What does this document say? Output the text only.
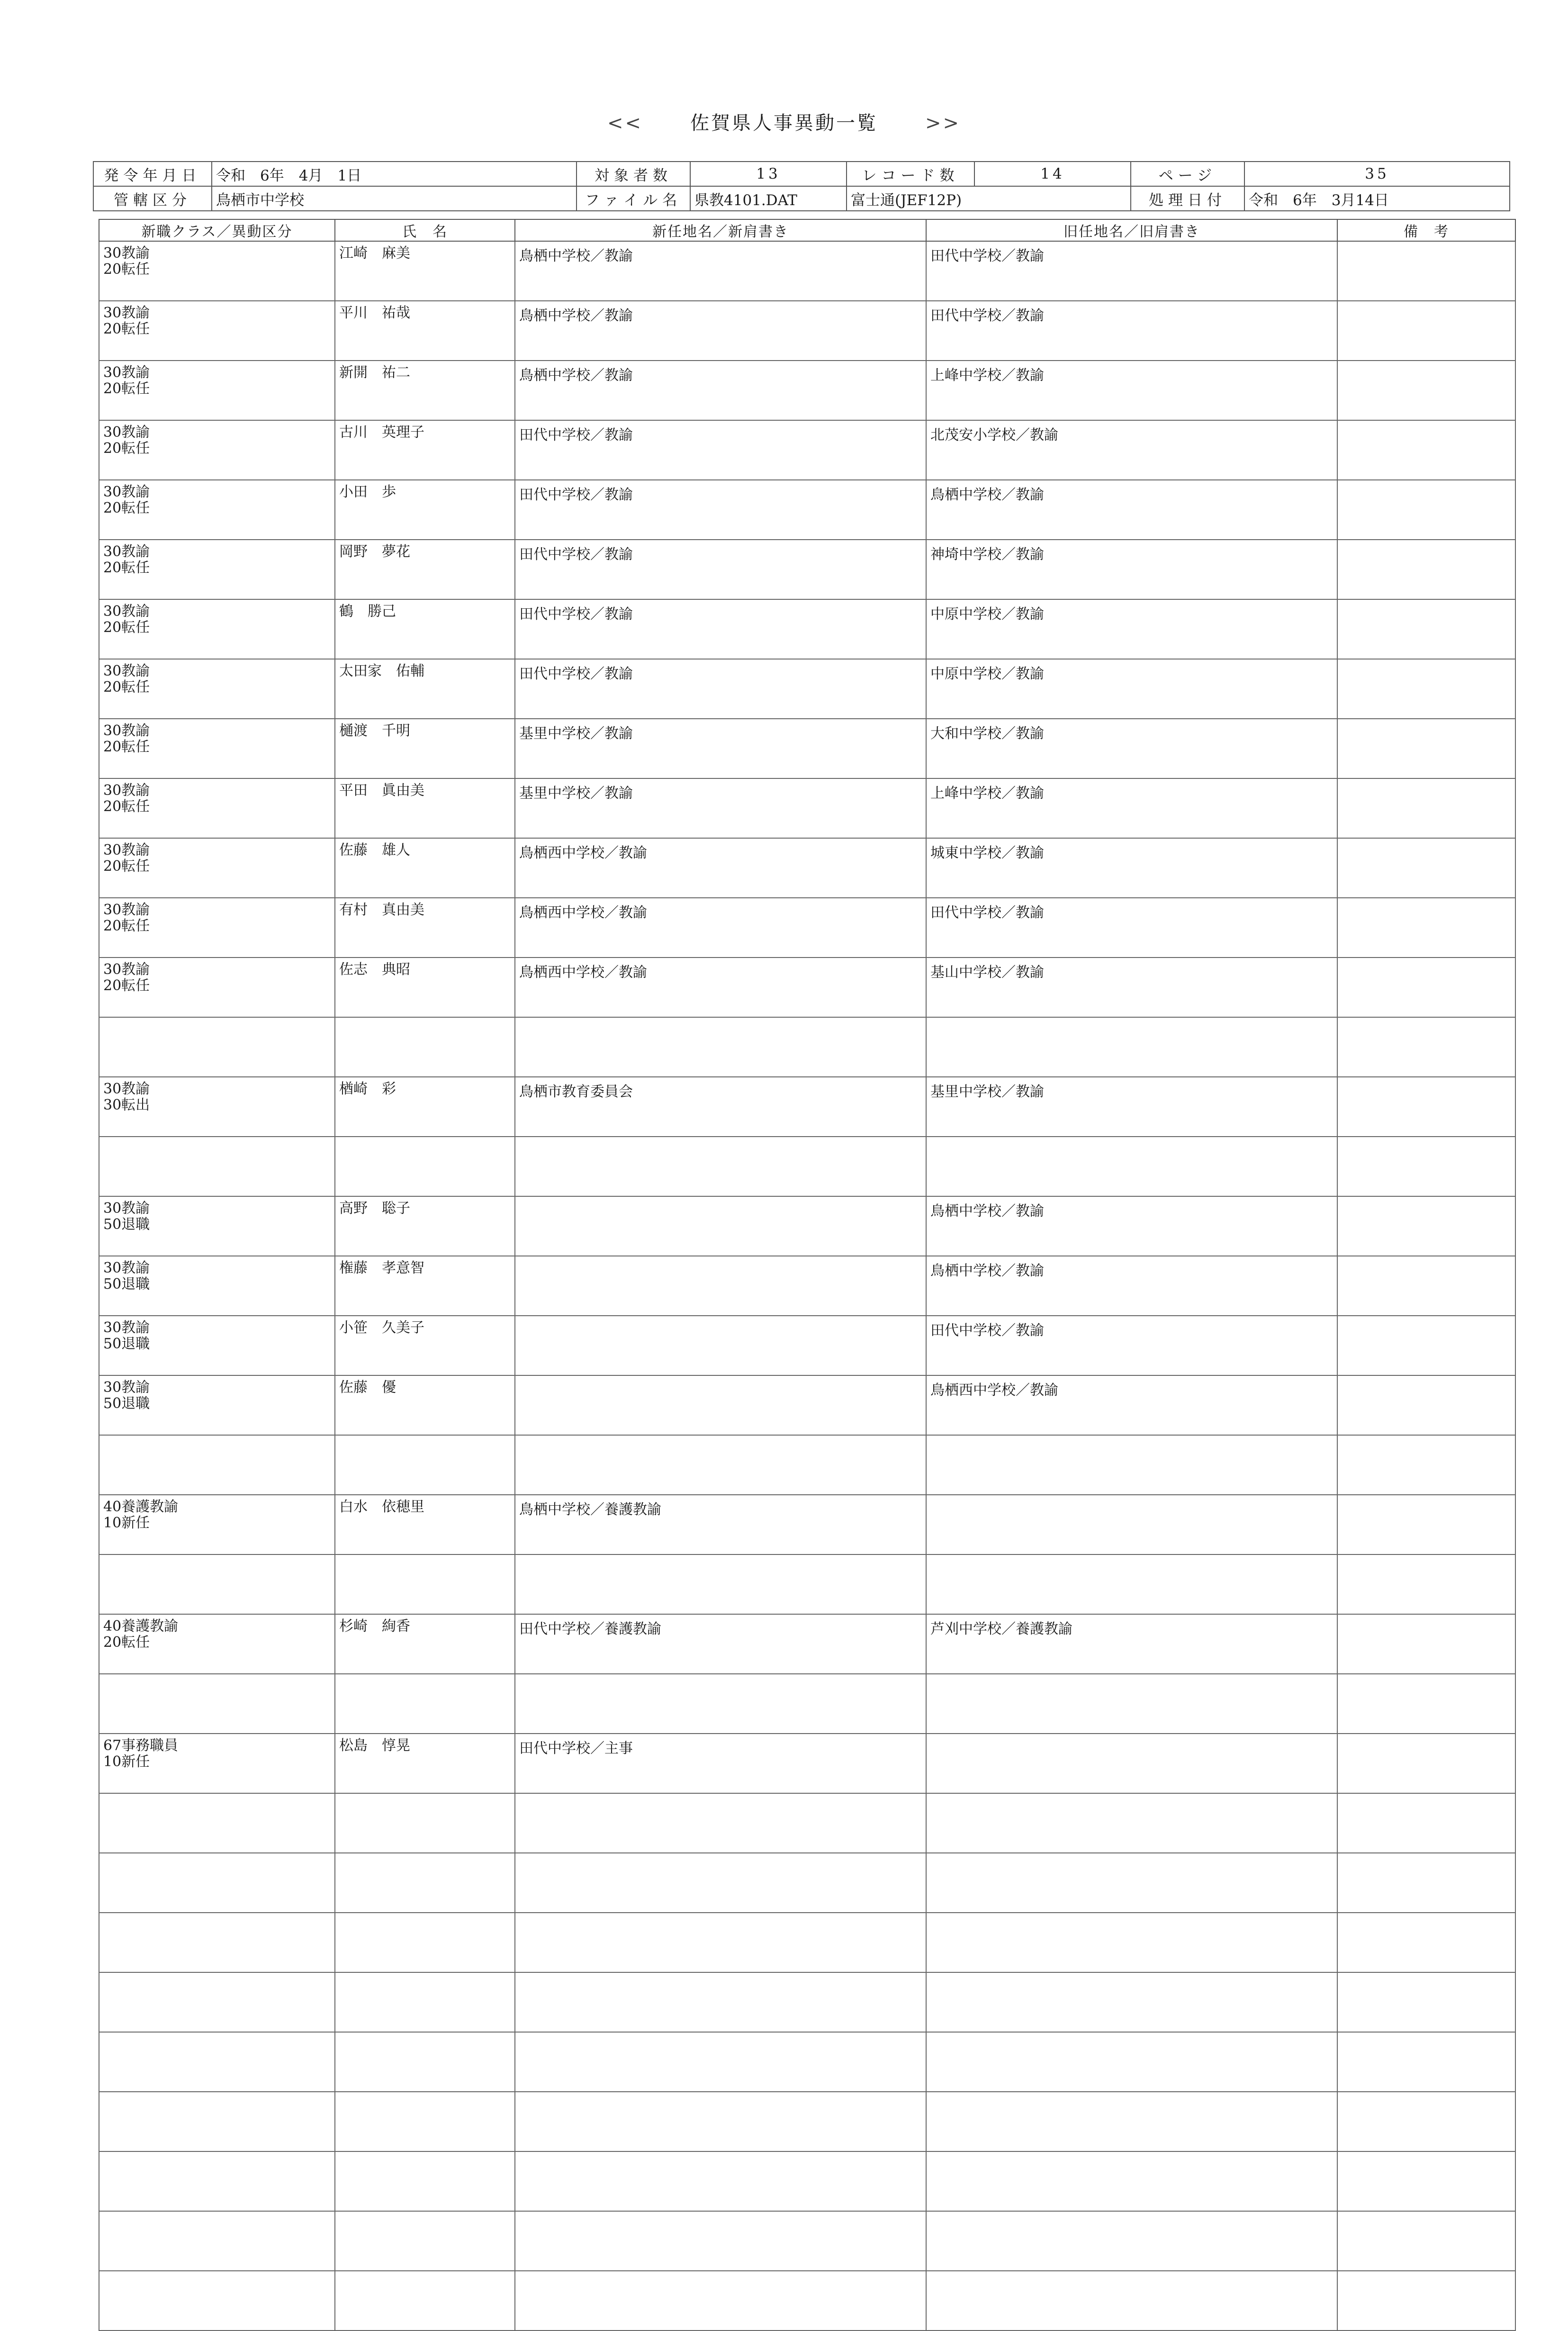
<<	佐賀県人事異動一覧	>>
発令年月日	令和　6年　4月　1日	対象者数	13	レコード数	14	ページ	35
管轄区分	鳥栖市中学校	ファイル名	県教4101.DAT	富士通(JEF12P)		処理日付	令和　6年　3月14日
新職クラス／異動区分	氏　名	新任地名／新肩書き	旧任地名／旧肩書き	備　考

30教諭
20転任	江崎　麻美	鳥栖中学校／教諭	田代中学校／教諭	

30教諭
20転任	平川　祐哉	鳥栖中学校／教諭	田代中学校／教諭	

30教諭
20転任	新開　祐二	鳥栖中学校／教諭	上峰中学校／教諭	

30教諭
20転任	古川　英理子	田代中学校／教諭	北茂安小学校／教諭	

30教諭
20転任	小田　歩	田代中学校／教諭	鳥栖中学校／教諭	

30教諭
20転任	岡野　夢花	田代中学校／教諭	神埼中学校／教諭	

30教諭
20転任	鶴　勝己	田代中学校／教諭	中原中学校／教諭	

30教諭
20転任	太田家　佑輔	田代中学校／教諭	中原中学校／教諭	

30教諭
20転任	樋渡　千明	基里中学校／教諭	大和中学校／教諭	

30教諭
20転任	平田　眞由美	基里中学校／教諭	上峰中学校／教諭	

30教諭
20転任	佐藤　雄人	鳥栖西中学校／教諭	城東中学校／教諭	

30教諭
20転任	有村　真由美	鳥栖西中学校／教諭	田代中学校／教諭	

30教諭
20転任	佐志　典昭	鳥栖西中学校／教諭	基山中学校／教諭	

30教諭
30転出	楢崎　彩	鳥栖市教育委員会	基里中学校／教諭	

30教諭
50退職	高野　聡子		鳥栖中学校／教諭	

30教諭
50退職	権藤　孝意智		鳥栖中学校／教諭	

30教諭
50退職	小笹　久美子		田代中学校／教諭	

30教諭
50退職	佐藤　優		鳥栖西中学校／教諭	

40養護教諭
10新任	白水　依穂里	鳥栖中学校／養護教諭		

40養護教諭
20転任	杉崎　絢香	田代中学校／養護教諭	芦刈中学校／養護教諭	

67事務職員
10新任	松島　惇晃	田代中学校／主事		
